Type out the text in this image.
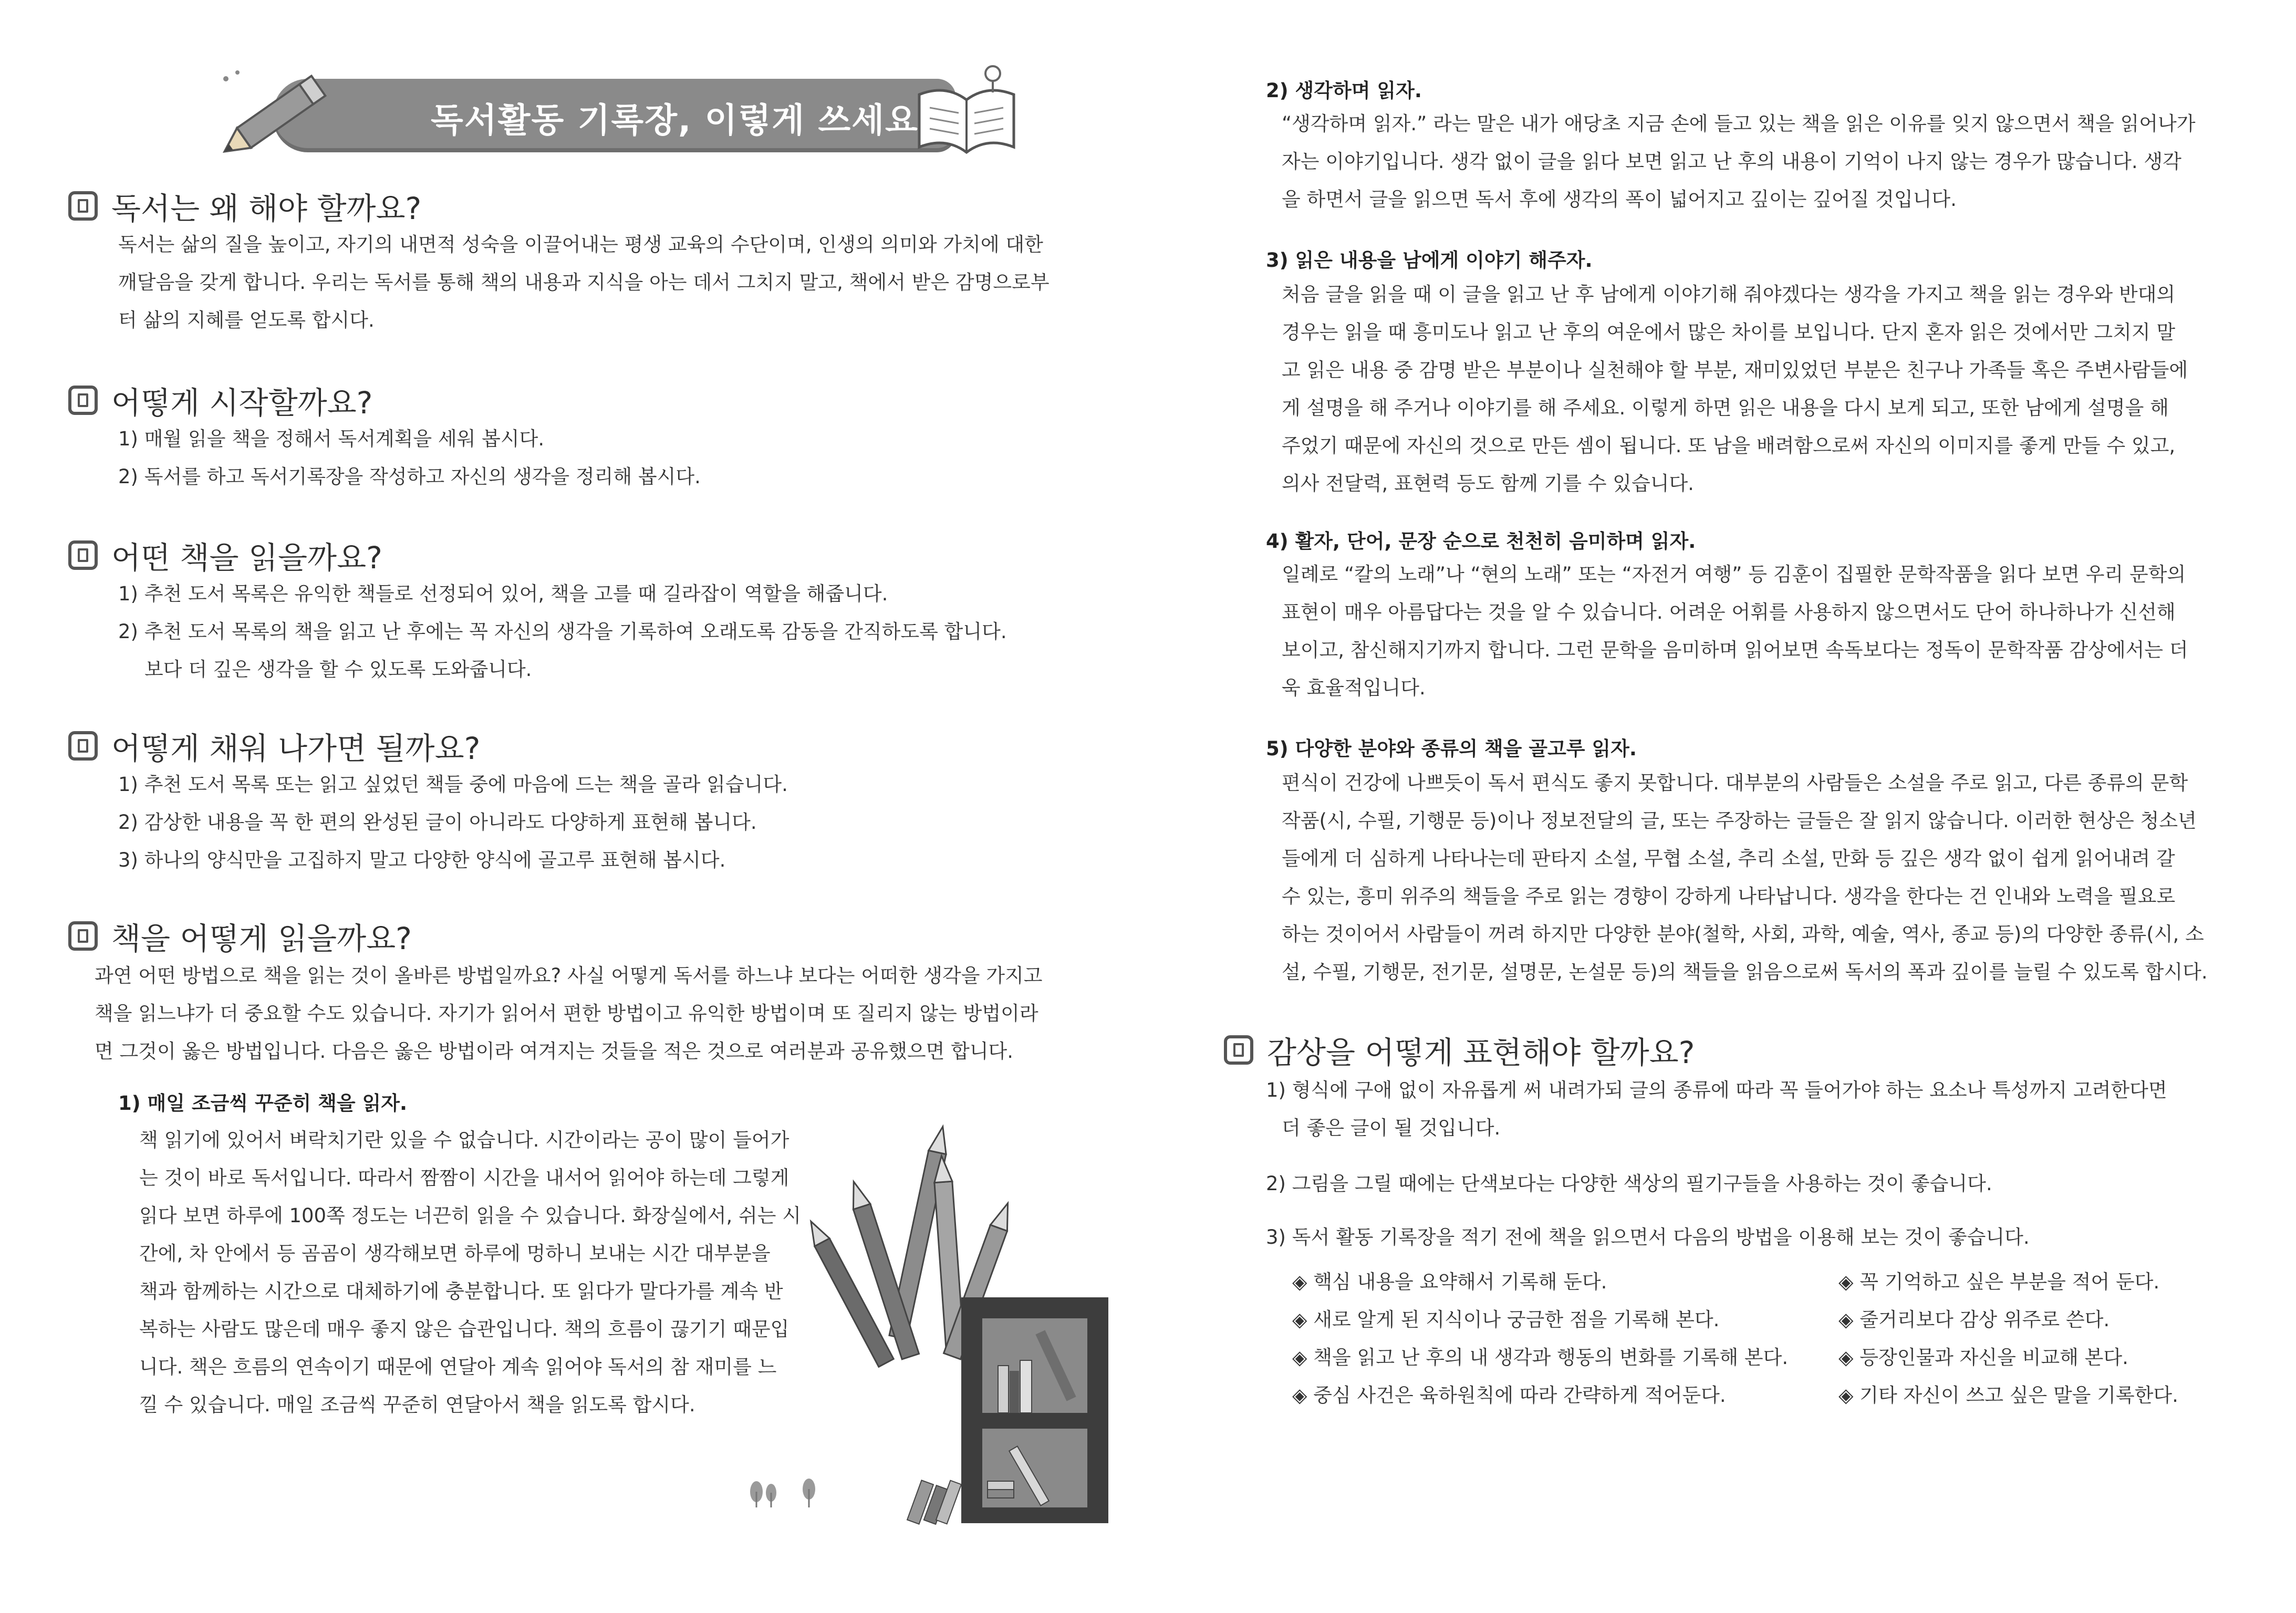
독서활동 기록장, 이렇게 쓰세요
독서는 왜 해야 할까요?
독서는 삶의 질을 높이고, 자기의 내면적 성숙을 이끌어내는 평생 교육의 수단이며, 인생의 의미와 가치에 대한
깨달음을 갖게 합니다. 우리는 독서를 통해 책의 내용과 지식을 아는 데서 그치지 말고, 책에서 받은 감명으로부
터 삶의 지혜를 얻도록 합시다.
어떻게 시작할까요?
1) 매월 읽을 책을 정해서 독서계획을 세워 봅시다.
2) 독서를 하고 독서기록장을 작성하고 자신의 생각을 정리해 봅시다.
어떤 책을 읽을까요?
1) 추천 도서 목록은 유익한 책들로 선정되어 있어, 책을 고를 때 길라잡이 역할을 해줍니다.
2) 추천 도서 목록의 책을 읽고 난 후에는 꼭 자신의 생각을 기록하여 오래도록 감동을 간직하도록 합니다.
보다 더 깊은 생각을 할 수 있도록 도와줍니다.
어떻게 채워 나가면 될까요?
1) 추천 도서 목록 또는 읽고 싶었던 책들 중에 마음에 드는 책을 골라 읽습니다.
2) 감상한 내용을 꼭 한 편의 완성된 글이 아니라도 다양하게 표현해 봅니다.
3) 하나의 양식만을 고집하지 말고 다양한 양식에 골고루 표현해 봅시다.
책을 어떻게 읽을까요?
과연 어떤 방법으로 책을 읽는 것이 올바른 방법일까요? 사실 어떻게 독서를 하느냐 보다는 어떠한 생각을 가지고
책을 읽느냐가 더 중요할 수도 있습니다. 자기가 읽어서 편한 방법이고 유익한 방법이며 또 질리지 않는 방법이라
면 그것이 옳은 방법입니다. 다음은 옳은 방법이라 여겨지는 것들을 적은 것으로 여러분과 공유했으면 합니다.
1) 매일 조금씩 꾸준히 책을 읽자.
책 읽기에 있어서 벼락치기란 있을 수 없습니다. 시간이라는 공이 많이 들어가
는 것이 바로 독서입니다. 따라서 짬짬이 시간을 내서어 읽어야 하는데 그렇게
읽다 보면 하루에 100쪽 정도는 너끈히 읽을 수 있습니다. 화장실에서, 쉬는 시
간에, 차 안에서 등 곰곰이 생각해보면 하루에 멍하니 보내는 시간 대부분을
책과 함께하는 시간으로 대체하기에 충분합니다. 또 읽다가 말다가를 계속 반
복하는 사람도 많은데 매우 좋지 않은 습관입니다. 책의 흐름이 끊기기 때문입
니다. 책은 흐름의 연속이기 때문에 연달아 계속 읽어야 독서의 참 재미를 느
낄 수 있습니다. 매일 조금씩 꾸준히 연달아서 책을 읽도록 합시다.
2) 생각하며 읽자.
“생각하며 읽자.” 라는 말은 내가 애당초 지금 손에 들고 있는 책을 읽은 이유를 잊지 않으면서 책을 읽어나가
자는 이야기입니다. 생각 없이 글을 읽다 보면 읽고 난 후의 내용이 기억이 나지 않는 경우가 많습니다. 생각
을 하면서 글을 읽으면 독서 후에 생각의 폭이 넓어지고 깊이는 깊어질 것입니다.
3) 읽은 내용을 남에게 이야기 해주자.
처음 글을 읽을 때 이 글을 읽고 난 후 남에게 이야기해 줘야겠다는 생각을 가지고 책을 읽는 경우와 반대의
경우는 읽을 때 흥미도나 읽고 난 후의 여운에서 많은 차이를 보입니다. 단지 혼자 읽은 것에서만 그치지 말
고 읽은 내용 중 감명 받은 부분이나 실천해야 할 부분, 재미있었던 부분은 친구나 가족들 혹은 주변사람들에
게 설명을 해 주거나 이야기를 해 주세요. 이렇게 하면 읽은 내용을 다시 보게 되고, 또한 남에게 설명을 해
주었기 때문에 자신의 것으로 만든 셈이 됩니다. 또 남을 배려함으로써 자신의 이미지를 좋게 만들 수 있고,
의사 전달력, 표현력 등도 함께 기를 수 있습니다.
4) 활자, 단어, 문장 순으로 천천히 음미하며 읽자.
일례로 “칼의 노래”나 “현의 노래” 또는 “자전거 여행” 등 김훈이 집필한 문학작품을 읽다 보면 우리 문학의
표현이 매우 아름답다는 것을 알 수 있습니다. 어려운 어휘를 사용하지 않으면서도 단어 하나하나가 신선해
보이고, 참신해지기까지 합니다. 그런 문학을 음미하며 읽어보면 속독보다는 정독이 문학작품 감상에서는 더
욱 효율적입니다.
5) 다양한 분야와 종류의 책을 골고루 읽자.
편식이 건강에 나쁘듯이 독서 편식도 좋지 못합니다. 대부분의 사람들은 소설을 주로 읽고, 다른 종류의 문학
작품(시, 수필, 기행문 등)이나 정보전달의 글, 또는 주장하는 글들은 잘 읽지 않습니다. 이러한 현상은 청소년
들에게 더 심하게 나타나는데 판타지 소설, 무협 소설, 추리 소설, 만화 등 깊은 생각 없이 쉽게 읽어내려 갈
수 있는, 흥미 위주의 책들을 주로 읽는 경향이 강하게 나타납니다. 생각을 한다는 건 인내와 노력을 필요로
하는 것이어서 사람들이 꺼려 하지만 다양한 분야(철학, 사회, 과학, 예술, 역사, 종교 등)의 다양한 종류(시, 소
설, 수필, 기행문, 전기문, 설명문, 논설문 등)의 책들을 읽음으로써 독서의 폭과 깊이를 늘릴 수 있도록 합시다.
감상을 어떻게 표현해야 할까요?
1) 형식에 구애 없이 자유롭게 써 내려가되 글의 종류에 따라 꼭 들어가야 하는 요소나 특성까지 고려한다면
더 좋은 글이 될 것입니다.
2) 그림을 그릴 때에는 단색보다는 다양한 색상의 필기구들을 사용하는 것이 좋습니다.
3) 독서 활동 기록장을 적기 전에 책을 읽으면서 다음의 방법을 이용해 보는 것이 좋습니다.
◈ 핵심 내용을 요약해서 기록해 둔다.
◈ 새로 알게 된 지식이나 궁금한 점을 기록해 본다.
◈ 책을 읽고 난 후의 내 생각과 행동의 변화를 기록해 본다.
◈ 중심 사건은 육하원칙에 따라 간략하게 적어둔다.
◈ 꼭 기억하고 싶은 부분을 적어 둔다.
◈ 줄거리보다 감상 위주로 쓴다.
◈ 등장인물과 자신을 비교해 본다.
◈ 기타 자신이 쓰고 싶은 말을 기록한다.
